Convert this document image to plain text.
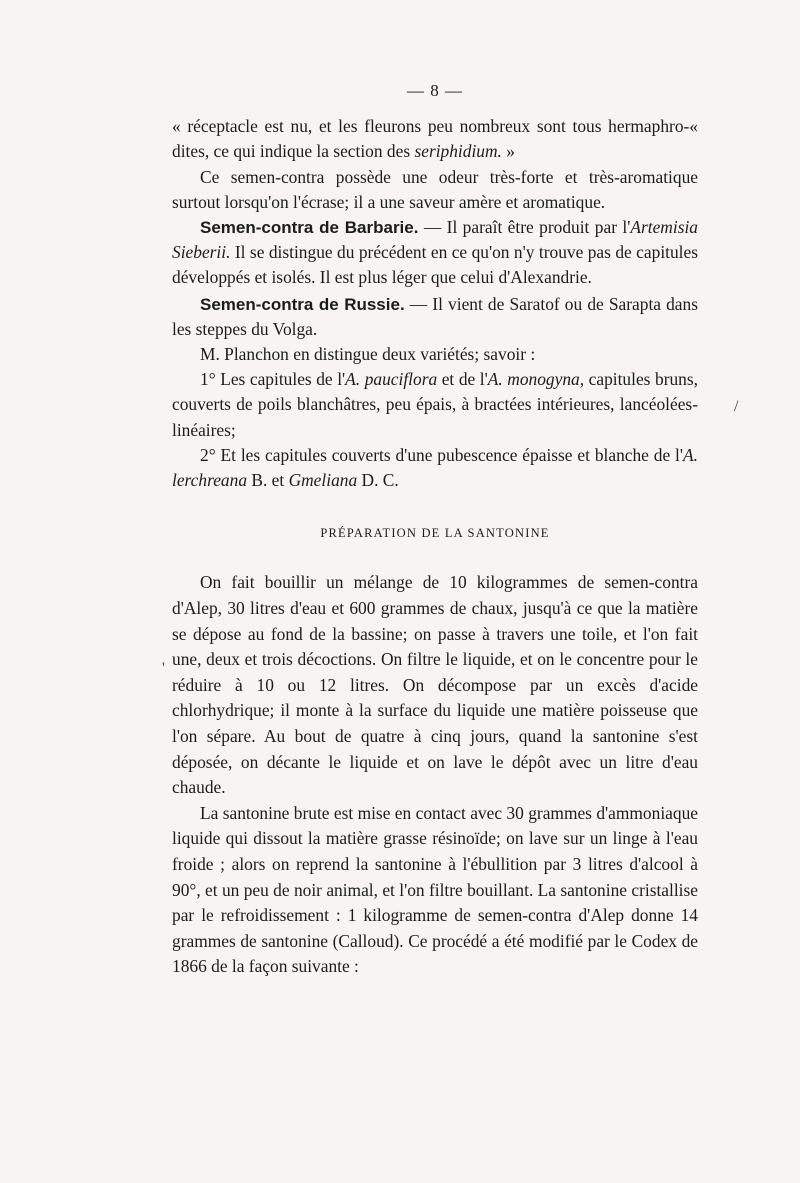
— 8 —

« réceptacle est nu, et les fleurons peu nombreux sont tous hermaphro-« dites, ce qui indique la section des seriphidium. »

Ce semen-contra possède une odeur très-forte et très-aromatique surtout lorsqu'on l'écrase; il a une saveur amère et aromatique.

Semen-contra de Barbarie. — Il paraît être produit par l'Artemisia Sieberii. Il se distingue du précédent en ce qu'on n'y trouve pas de capitules développés et isolés. Il est plus léger que celui d'Alexandrie.

Semen-contra de Russie. — Il vient de Saratof ou de Sarapta dans les steppes du Volga.

M. Planchon en distingue deux variétés; savoir :

1° Les capitules de l'A. pauciflora et de l'A. monogyna, capitules bruns, couverts de poils blanchâtres, peu épais, à bractées intérieures, lancéolées-linéaires;

2° Et les capitules couverts d'une pubescence épaisse et blanche de l'A. lerchreana B. et Gmeliana D. C.

PRÉPARATION DE LA SANTONINE

On fait bouillir un mélange de 10 kilogrammes de semen-contra d'Alep, 30 litres d'eau et 600 grammes de chaux, jusqu'à ce que la matière se dépose au fond de la bassine; on passe à travers une toile, et l'on fait une, deux et trois décoctions. On filtre le liquide, et on le concentre pour le réduire à 10 ou 12 litres. On décompose par un excès d'acide chlorhydrique; il monte à la surface du liquide une matière poisseuse que l'on sépare. Au bout de quatre à cinq jours, quand la santonine s'est déposée, on décante le liquide et on lave le dépôt avec un litre d'eau chaude.

La santonine brute est mise en contact avec 30 grammes d'ammoniaque liquide qui dissout la matière grasse résinoïde; on lave sur un linge à l'eau froide ; alors on reprend la santonine à l'ébullition par 3 litres d'alcool à 90°, et un peu de noir animal, et l'on filtre bouillant. La santonine cristallise par le refroidissement : 1 kilogramme de semen-contra d'Alep donne 14 grammes de santonine (Calloud). Ce procédé a été modifié par le Codex de 1866 de la façon suivante :

/
'
